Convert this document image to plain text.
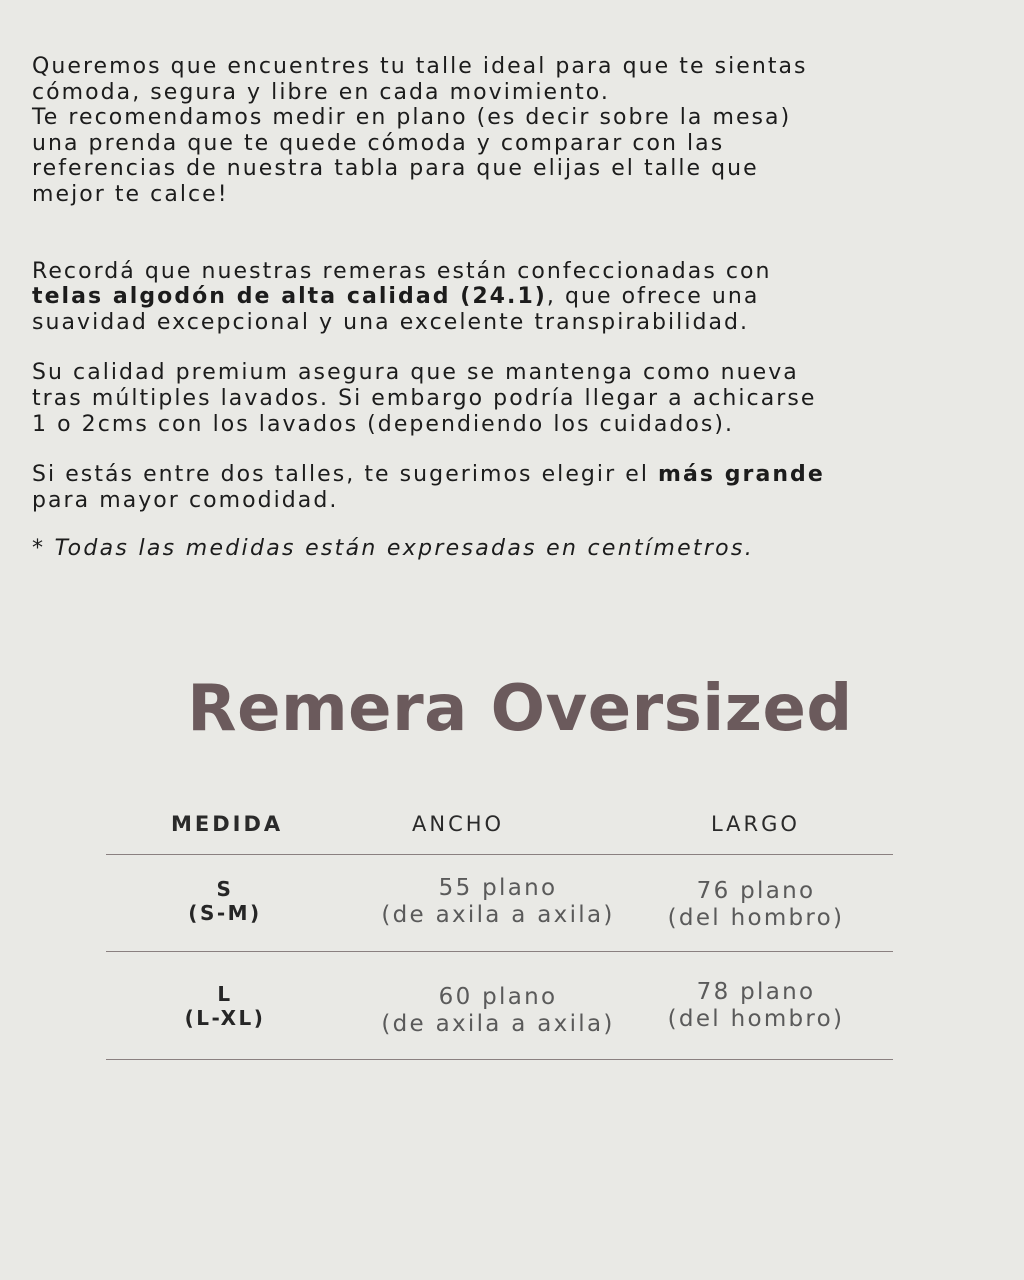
Queremos que encuentres tu talle ideal para que te sientas
cómoda, segura y libre en cada movimiento.
Te recomendamos medir en plano (es decir sobre la mesa)
una prenda que te quede cómoda y comparar con las
referencias de nuestra tabla para que elijas el talle que
mejor te calce!

Recordá que nuestras remeras están confeccionadas con
telas algodón de alta calidad (24.1), que ofrece una
suavidad excepcional y una excelente transpirabilidad.

Su calidad premium asegura que se mantenga como nueva
tras múltiples lavados. Si embargo podría llegar a achicarse
1 o 2cms con los lavados (dependiendo los cuidados).

Si estás entre dos talles, te sugerimos elegir el más grande
para mayor comodidad.

* Todas las medidas están expresadas en centímetros.

Remera Oversized
MEDIDA	ANCHO	LARGO
S
(S-M)
55 plano
(de axila a axila)
76 plano
(del hombro)
L
(L-XL)
60 plano
(de axila a axila)
78 plano
(del hombro)
